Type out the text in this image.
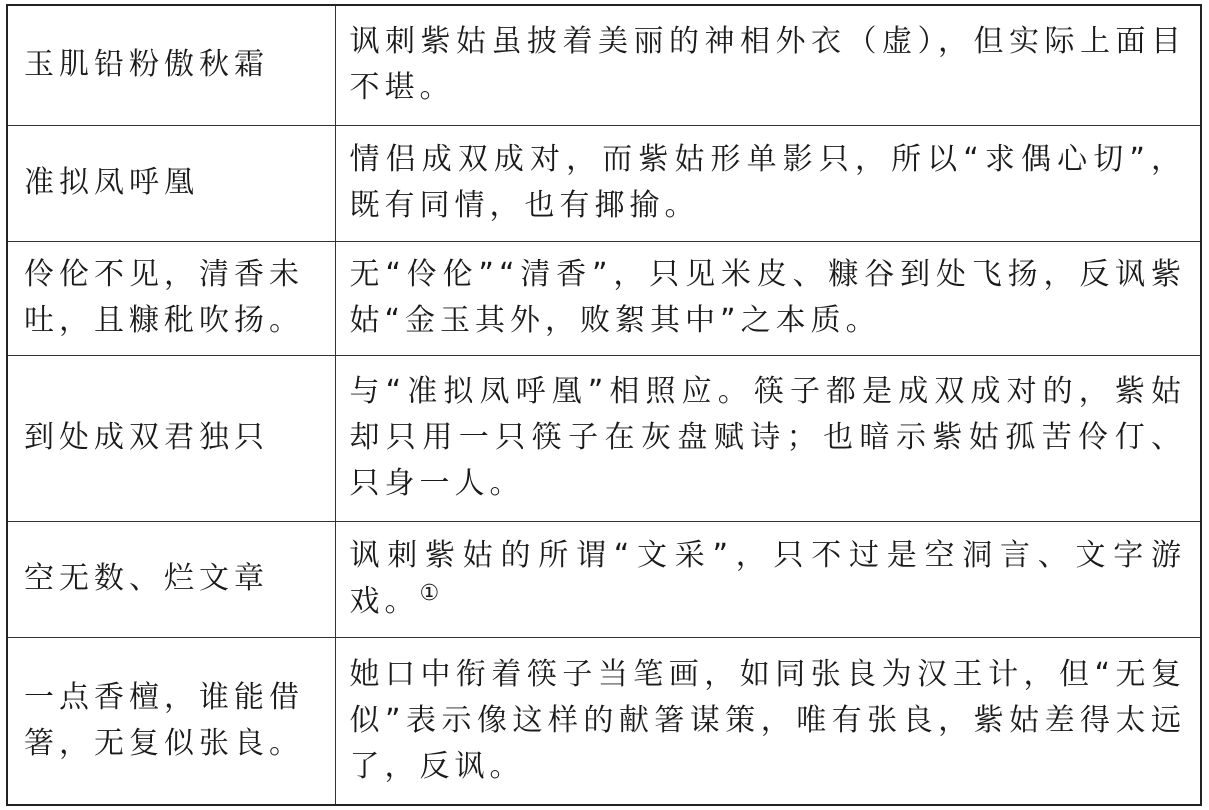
玉肌铅粉傲秋霜	讽刺紫姑虽披着美丽的神相外衣（虚），但实际上面目不堪。
准拟凤呼凰	情侣成双成对，而紫姑形单影只，所以“求偶心切”，既有同情，也有揶揄。
伶伦不见，清香未吐，且糠秕吹扬。	无“伶伦”“清香”，只见米皮、糠谷到处飞扬，反讽紫姑“金玉其外，败絮其中”之本质。
到处成双君独只	与“准拟凤呼凰”相照应。筷子都是成双成对的，紫姑却只用一只筷子在灰盘赋诗；也暗示紫姑孤苦伶仃、只身一人。
空无数、烂文章	讽刺紫姑的所谓“文采”，只不过是空洞言、文字游戏。①
一点香檀，谁能借箸，无复似张良。	她口中衔着筷子当笔画，如同张良为汉王计，但“无复似”表示像这样的献箸谋策，唯有张良，紫姑差得太远了，反讽。
